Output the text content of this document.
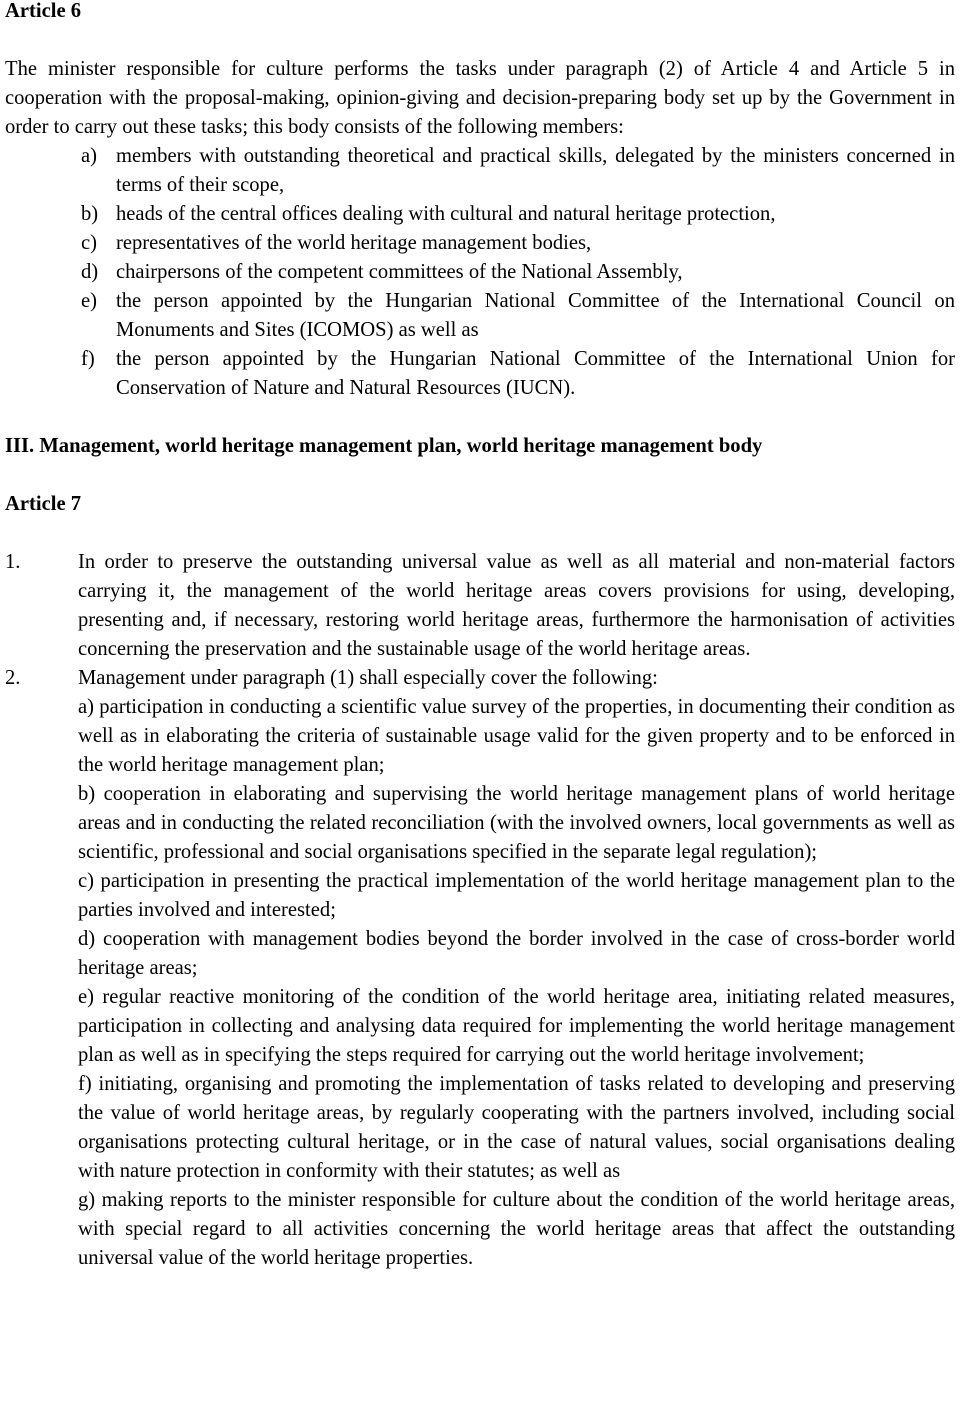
Article 6

The minister responsible for culture performs the tasks under paragraph (2) of Article 4 and Article 5 in cooperation with the proposal-making, opinion-giving and decision-preparing body set up by the Government in order to carry out these tasks; this body consists of the following members:

a) members with outstanding theoretical and practical skills, delegated by the ministers concerned in terms of their scope,
b) heads of the central offices dealing with cultural and natural heritage protection,
c) representatives of the world heritage management bodies,
d) chairpersons of the competent committees of the National Assembly,
e) the person appointed by the Hungarian National Committee of the International Council on Monuments and Sites (ICOMOS) as well as
f) the person appointed by the Hungarian National Committee of the International Union for Conservation of Nature and Natural Resources (IUCN).

III. Management, world heritage management plan, world heritage management body

Article 7

1.	In order to preserve the outstanding universal value as well as all material and non-material factors carrying it, the management of the world heritage areas covers provisions for using, developing, presenting and, if necessary, restoring world heritage areas, furthermore the harmonisation of activities concerning the preservation and the sustainable usage of the world heritage areas.
2.	Management under paragraph (1) shall especially cover the following:
a) participation in conducting a scientific value survey of the properties, in documenting their condition as well as in elaborating the criteria of sustainable usage valid for the given property and to be enforced in the world heritage management plan;
b) cooperation in elaborating and supervising the world heritage management plans of world heritage areas and in conducting the related reconciliation (with the involved owners, local governments as well as scientific, professional and social organisations specified in the separate legal regulation);
c) participation in presenting the practical implementation of the world heritage management plan to the parties involved and interested;
d) cooperation with management bodies beyond the border involved in the case of cross-border world heritage areas;
e) regular reactive monitoring of the condition of the world heritage area, initiating related measures, participation in collecting and analysing data required for implementing the world heritage management plan as well as in specifying the steps required for carrying out the world heritage involvement;
f) initiating, organising and promoting the implementation of tasks related to developing and preserving the value of world heritage areas, by regularly cooperating with the partners involved, including social organisations protecting cultural heritage, or in the case of natural values, social organisations dealing with nature protection in conformity with their statutes; as well as
g) making reports to the minister responsible for culture about the condition of the world heritage areas, with special regard to all activities concerning the world heritage areas that affect the outstanding universal value of the world heritage properties.
